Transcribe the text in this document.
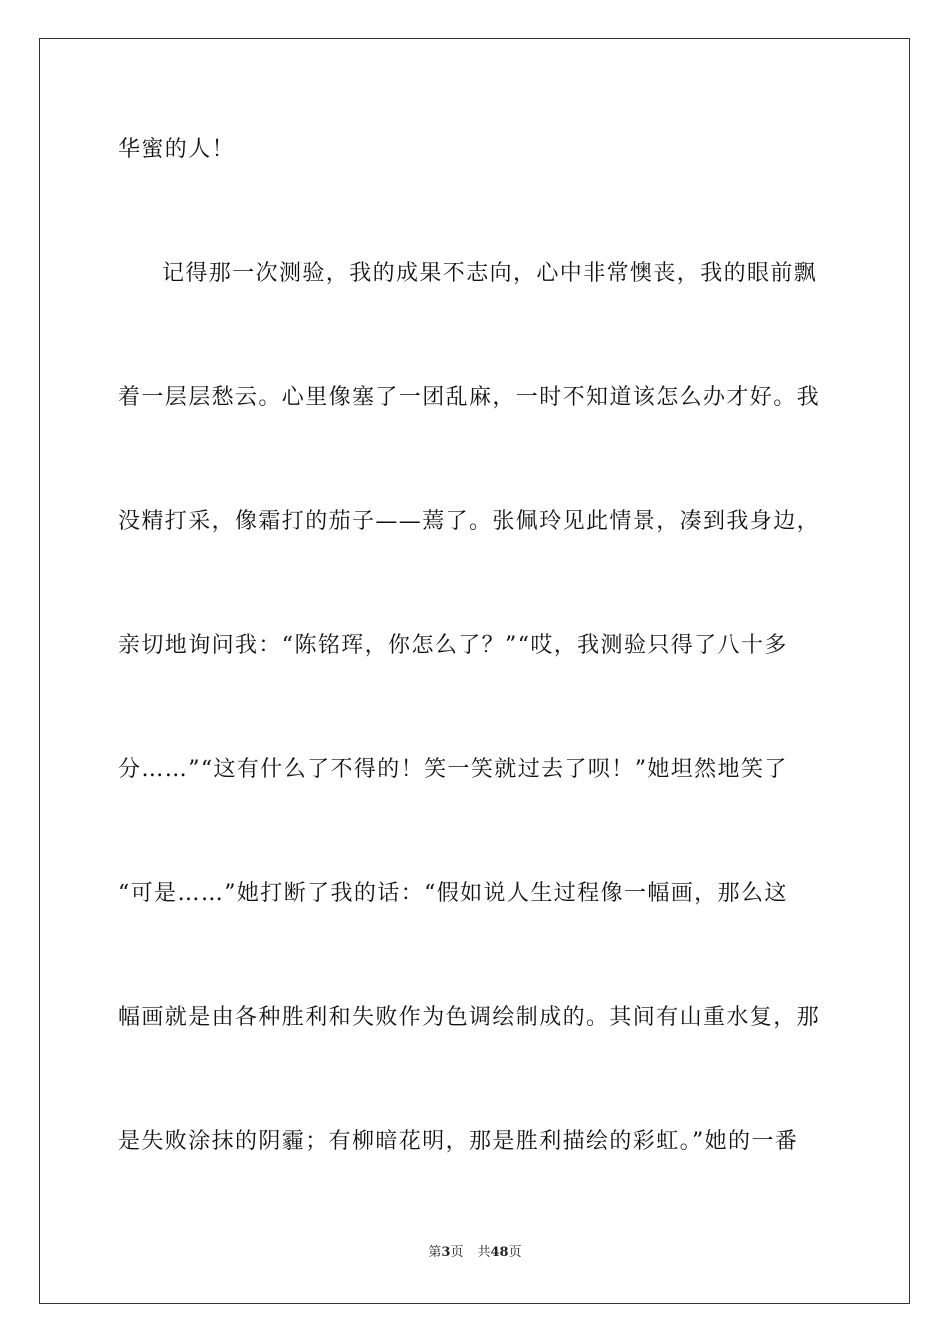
华蜜的人！
记得那一次测验，我的成果不志向，心中非常懊丧，我的眼前飘
着一层层愁云。心里像塞了一团乱麻，一时不知道该怎么办才好。我
没精打采，像霜打的茄子——蔫了。张佩玲见此情景，凑到我身边，
亲切地询问我：“陈铭珲，你怎么了？”“哎，我测验只得了八十多
分……”“这有什么了不得的！笑一笑就过去了呗！”她坦然地笑了
“可是……”她打断了我的话：“假如说人生过程像一幅画，那么这
幅画就是由各种胜利和失败作为色调绘制成的。其间有山重水复，那
是失败涂抹的阴霾；有柳暗花明，那是胜利描绘的彩虹。”她的一番
第3页 共48页
